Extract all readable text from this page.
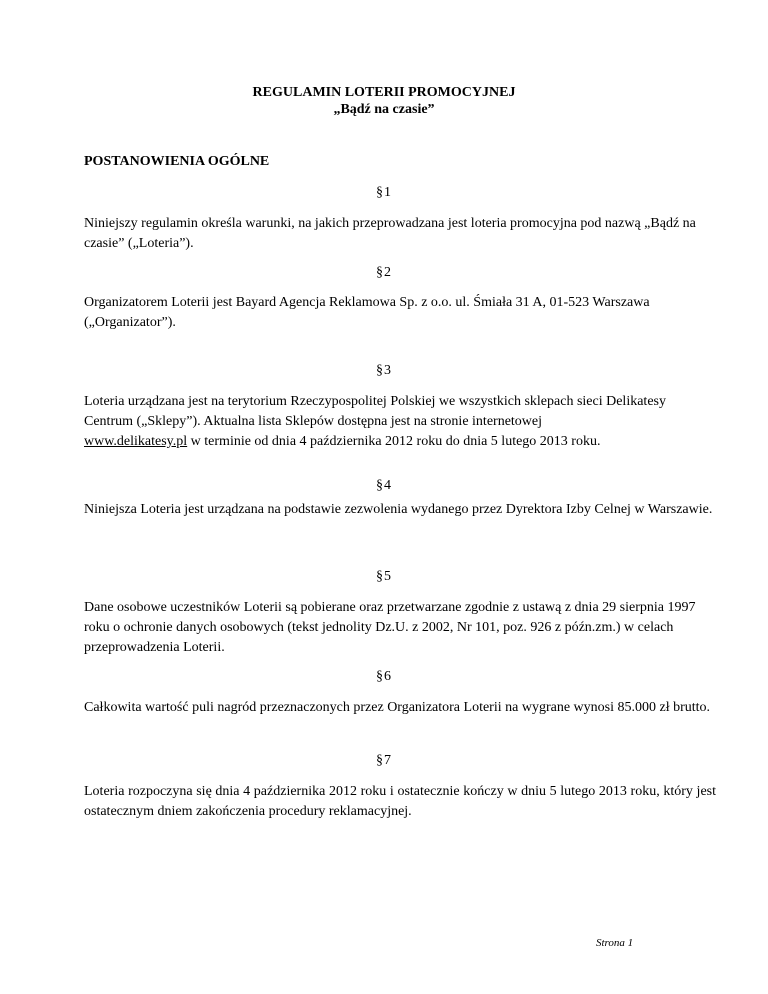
REGULAMIN LOTERII PROMOCYJNEJ
„Bądź na czasie”
POSTANOWIENIA OGÓLNE
§1
Niniejszy regulamin określa warunki, na jakich przeprowadzana jest loteria promocyjna pod nazwą „Bądź na czasie” („Loteria”).
§2
Organizatorem Loterii jest Bayard Agencja Reklamowa Sp. z o.o. ul. Śmiała 31 A, 01-523 Warszawa („Organizator”).
§3
Loteria urządzana jest na terytorium Rzeczypospolitej Polskiej we wszystkich sklepach sieci Delikatesy Centrum („Sklepy”). Aktualna lista Sklepów dostępna jest na stronie internetowej
www.delikatesy.pl w terminie od dnia 4 października 2012 roku do dnia 5 lutego 2013 roku.
§4
Niniejsza Loteria jest urządzana na podstawie zezwolenia wydanego przez Dyrektora Izby Celnej w Warszawie.
§5
Dane osobowe uczestników Loterii są pobierane oraz przetwarzane zgodnie z ustawą z dnia 29 sierpnia 1997 roku o ochronie danych osobowych (tekst jednolity Dz.U. z 2002, Nr 101, poz. 926 z późn.zm.) w celach przeprowadzenia Loterii.
§6
Całkowita wartość puli nagród przeznaczonych przez Organizatora Loterii na wygrane wynosi 85.000 zł brutto.
§7
Loteria rozpoczyna się dnia 4 października 2012 roku i ostatecznie kończy w dniu 5 lutego 2013 roku, który jest ostatecznym dniem zakończenia procedury reklamacyjnej.
Strona 1
